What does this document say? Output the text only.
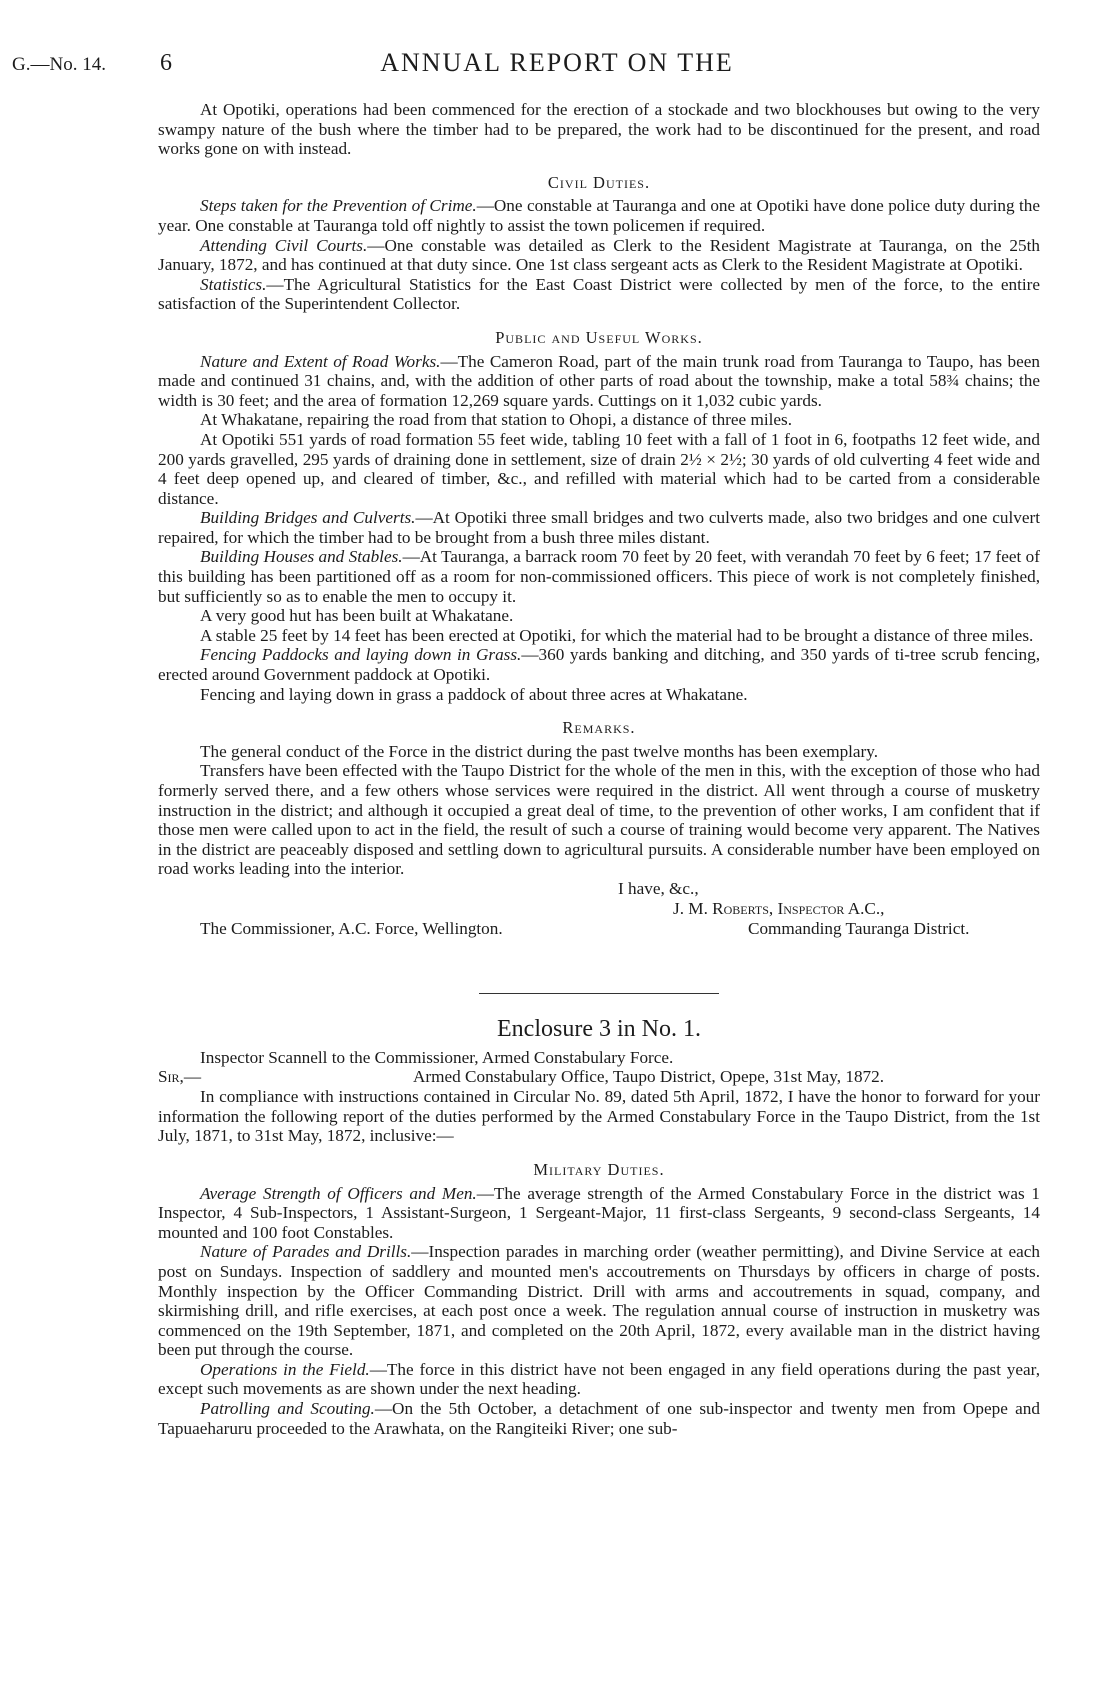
G.—No. 14. 6	ANNUAL REPORT ON THE

At Opotiki, operations had been commenced for the erection of a stockade and two blockhouses but owing to the very swampy nature of the bush where the timber had to be prepared, the work had to be discontinued for the present, and road works gone on with instead.

Civil Duties.

Steps taken for the Prevention of Crime.—One constable at Tauranga and one at Opotiki have done police duty during the year. One constable at Tauranga told off nightly to assist the town policemen if required.

Attending Civil Courts.—One constable was detailed as Clerk to the Resident Magistrate at Tauranga, on the 25th January, 1872, and has continued at that duty since. One 1st class sergeant acts as Clerk to the Resident Magistrate at Opotiki.

Statistics.—The Agricultural Statistics for the East Coast District were collected by men of the force, to the entire satisfaction of the Superintendent Collector.

Public and Useful Works.

Nature and Extent of Road Works.—The Cameron Road, part of the main trunk road from Tauranga to Taupo, has been made and continued 31 chains, and, with the addition of other parts of road about the township, make a total 58¾ chains; the width is 30 feet; and the area of formation 12,269 square yards. Cuttings on it 1,032 cubic yards.

At Whakatane, repairing the road from that station to Ohopi, a distance of three miles.

At Opotiki 551 yards of road formation 55 feet wide, tabling 10 feet with a fall of 1 foot in 6, footpaths 12 feet wide, and 200 yards gravelled, 295 yards of draining done in settlement, size of drain 2½ × 2½; 30 yards of old culverting 4 feet wide and 4 feet deep opened up, and cleared of timber, &c., and refilled with material which had to be carted from a considerable distance.

Building Bridges and Culverts.—At Opotiki three small bridges and two culverts made, also two bridges and one culvert repaired, for which the timber had to be brought from a bush three miles distant.

Building Houses and Stables.—At Tauranga, a barrack room 70 feet by 20 feet, with verandah 70 feet by 6 feet; 17 feet of this building has been partitioned off as a room for non-commissioned officers. This piece of work is not completely finished, but sufficiently so as to enable the men to occupy it.

A very good hut has been built at Whakatane.

A stable 25 feet by 14 feet has been erected at Opotiki, for which the material had to be brought a distance of three miles.

Fencing Paddocks and laying down in Grass.—360 yards banking and ditching, and 350 yards of ti-tree scrub fencing, erected around Government paddock at Opotiki.

Fencing and laying down in grass a paddock of about three acres at Whakatane.

Remarks.

The general conduct of the Force in the district during the past twelve months has been exemplary.

Transfers have been effected with the Taupo District for the whole of the men in this, with the exception of those who had formerly served there, and a few others whose services were required in the district. All went through a course of musketry instruction in the district; and although it occupied a great deal of time, to the prevention of other works, I am confident that if those men were called upon to act in the field, the result of such a course of training would become very apparent. The Natives in the district are peaceably disposed and settling down to agricultural pursuits. A considerable number have been employed on road works leading into the interior.

I have, &c.,
J. M. Roberts, Inspector A.C.,
The Commissioner, A.C. Force, Wellington.	Commanding Tauranga District.
Enclosure 3 in No. 1.

Inspector Scannell to the Commissioner, Armed Constabulary Force.

Sir,—	Armed Constabulary Office, Taupo District, Opepe, 31st May, 1872.

In compliance with instructions contained in Circular No. 89, dated 5th April, 1872, I have the honor to forward for your information the following report of the duties performed by the Armed Constabulary Force in the Taupo District, from the 1st July, 1871, to 31st May, 1872, inclusive:—

Military Duties.

Average Strength of Officers and Men.—The average strength of the Armed Constabulary Force in the district was 1 Inspector, 4 Sub-Inspectors, 1 Assistant-Surgeon, 1 Sergeant-Major, 11 first-class Sergeants, 9 second-class Sergeants, 14 mounted and 100 foot Constables.

Nature of Parades and Drills.—Inspection parades in marching order (weather permitting), and Divine Service at each post on Sundays. Inspection of saddlery and mounted men's accoutrements on Thursdays by officers in charge of posts. Monthly inspection by the Officer Commanding District. Drill with arms and accoutrements in squad, company, and skirmishing drill, and rifle exercises, at each post once a week. The regulation annual course of instruction in musketry was commenced on the 19th September, 1871, and completed on the 20th April, 1872, every available man in the district having been put through the course.

Operations in the Field.—The force in this district have not been engaged in any field operations during the past year, except such movements as are shown under the next heading.

Patrolling and Scouting.—On the 5th October, a detachment of one sub-inspector and twenty men from Opepe and Tapuaeharuru proceeded to the Arawhata, on the Rangiteiki River; one sub-
